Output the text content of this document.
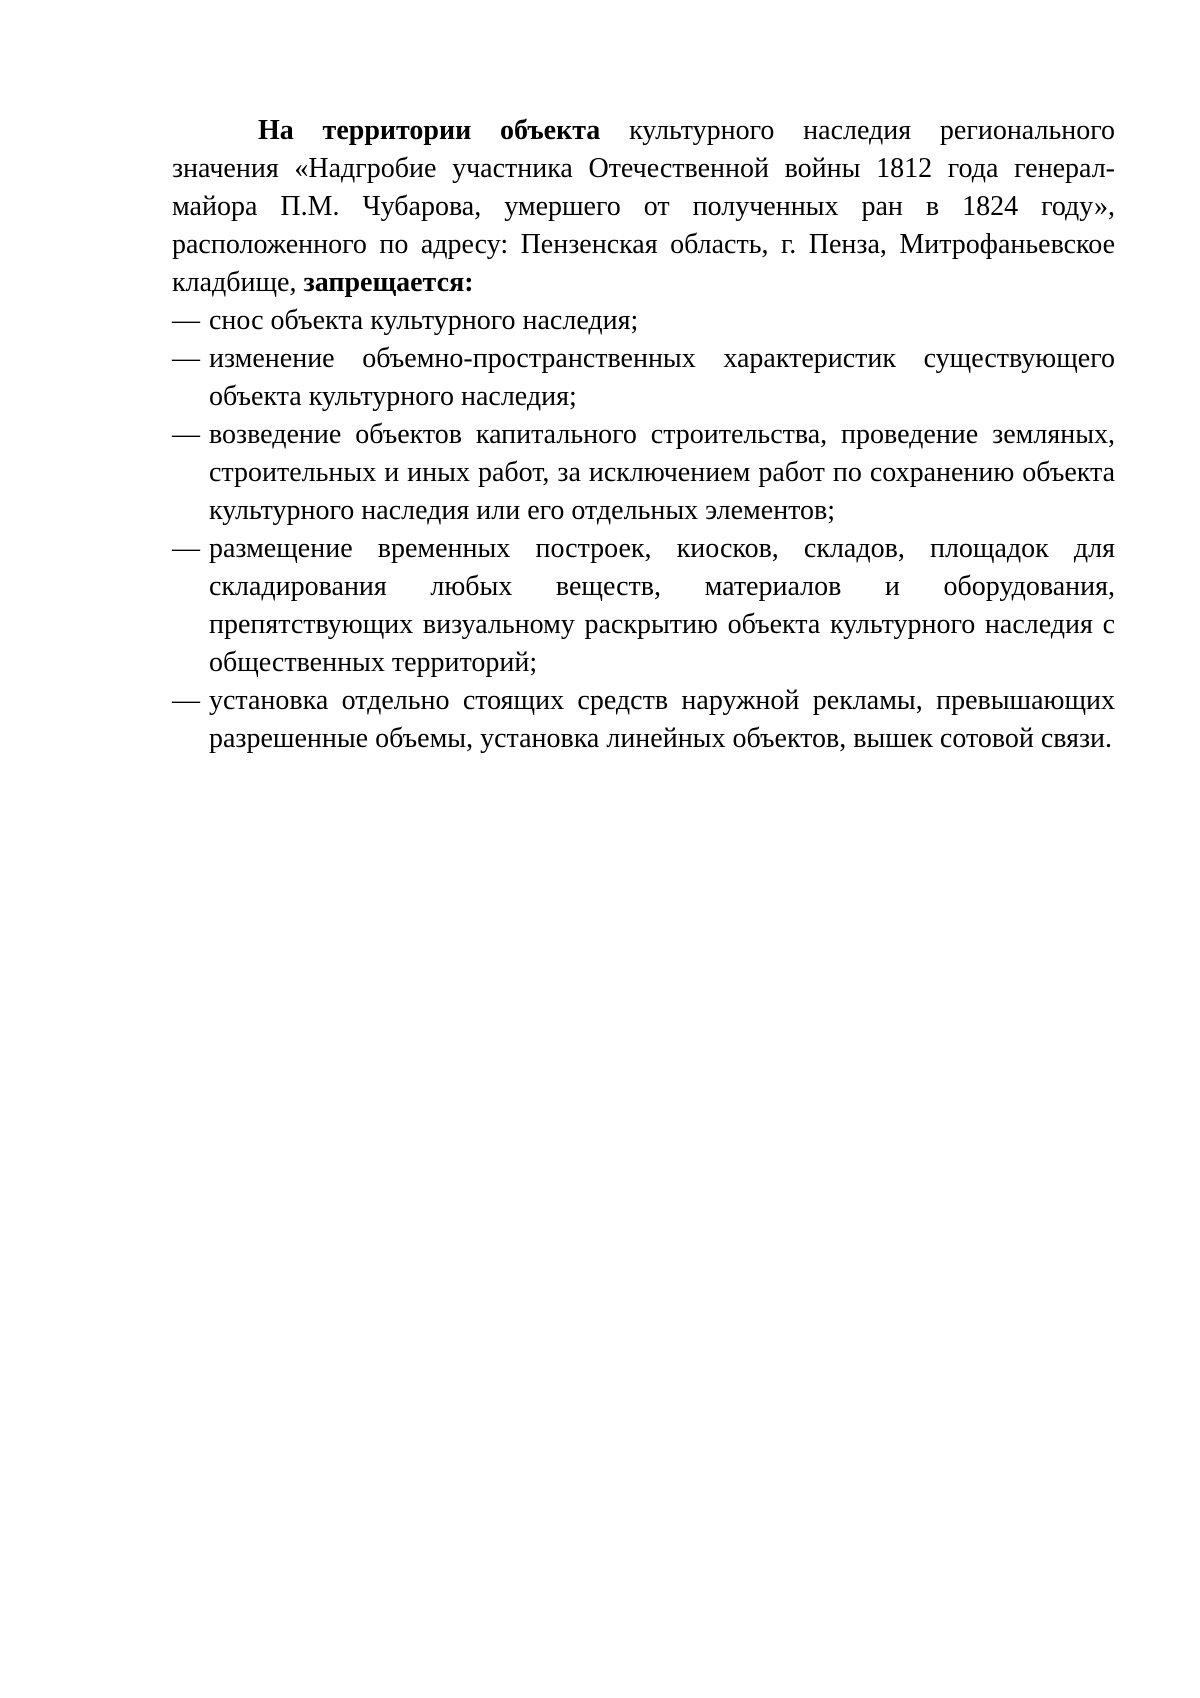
На территории объекта культурного наследия регионального значения «Надгробие участника Отечественной войны 1812 года генерал-майора П.М. Чубарова, умершего от полученных ран в 1824 году», расположенного по адресу: Пензенская область, г. Пенза, Митрофаньевское кладбище, запрещается:

— снос объекта культурного наследия;
— изменение объемно-пространственных характеристик существующего объекта культурного наследия;
— возведение объектов капитального строительства, проведение земляных, строительных и иных работ, за исключением работ по сохранению объекта культурного наследия или его отдельных элементов;
— размещение временных построек, киосков, складов, площадок для складирования любых веществ, материалов и оборудования, препятствующих визуальному раскрытию объекта культурного наследия с общественных территорий;
— установка отдельно стоящих средств наружной рекламы, превышающих разрешенные объемы, установка линейных объектов, вышек сотовой связи.
